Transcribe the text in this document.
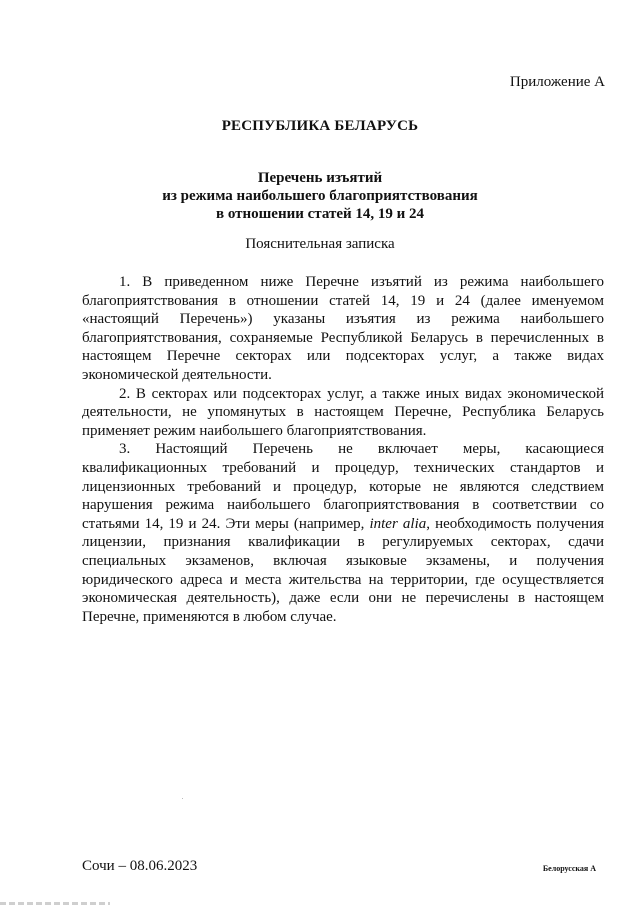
Приложение А
РЕСПУБЛИКА БЕЛАРУСЬ
Перечень изъятий
из режима наибольшего благоприятствования
в отношении статей 14, 19 и 24
Пояснительная записка

1. В приведенном ниже Перечне изъятий из режима наибольшего благоприятствования в отношении статей 14, 19 и 24 (далее именуемом «настоящий Перечень») указаны изъятия из режима наибольшего благоприятствования, сохраняемые Республикой Беларусь в перечисленных в настоящем Перечне секторах или подсекторах услуг, а также видах экономической деятельности.

2. В секторах или подсекторах услуг, а также иных видах экономической деятельности, не упомянутых в настоящем Перечне, Республика Беларусь применяет режим наибольшего благоприятствования.

3. Настоящий Перечень не включает меры, касающиеся квалификационных требований и процедур, технических стандартов и лицензионных требований и процедур, которые не являются следствием нарушения режима наибольшего благоприятствования в соответствии со статьями 14, 19 и 24. Эти меры (например, inter alia, необходимость получения лицензии, признания квалификации в регулируемых секторах, сдачи специальных экзаменов, включая языковые экзамены, и получения юридического адреса и места жительства на территории, где осуществляется экономическая деятельность), даже если они не перечислены в настоящем Перечне, применяются в любом случае.

Сочи – 08.06.2023	Белорусская А
